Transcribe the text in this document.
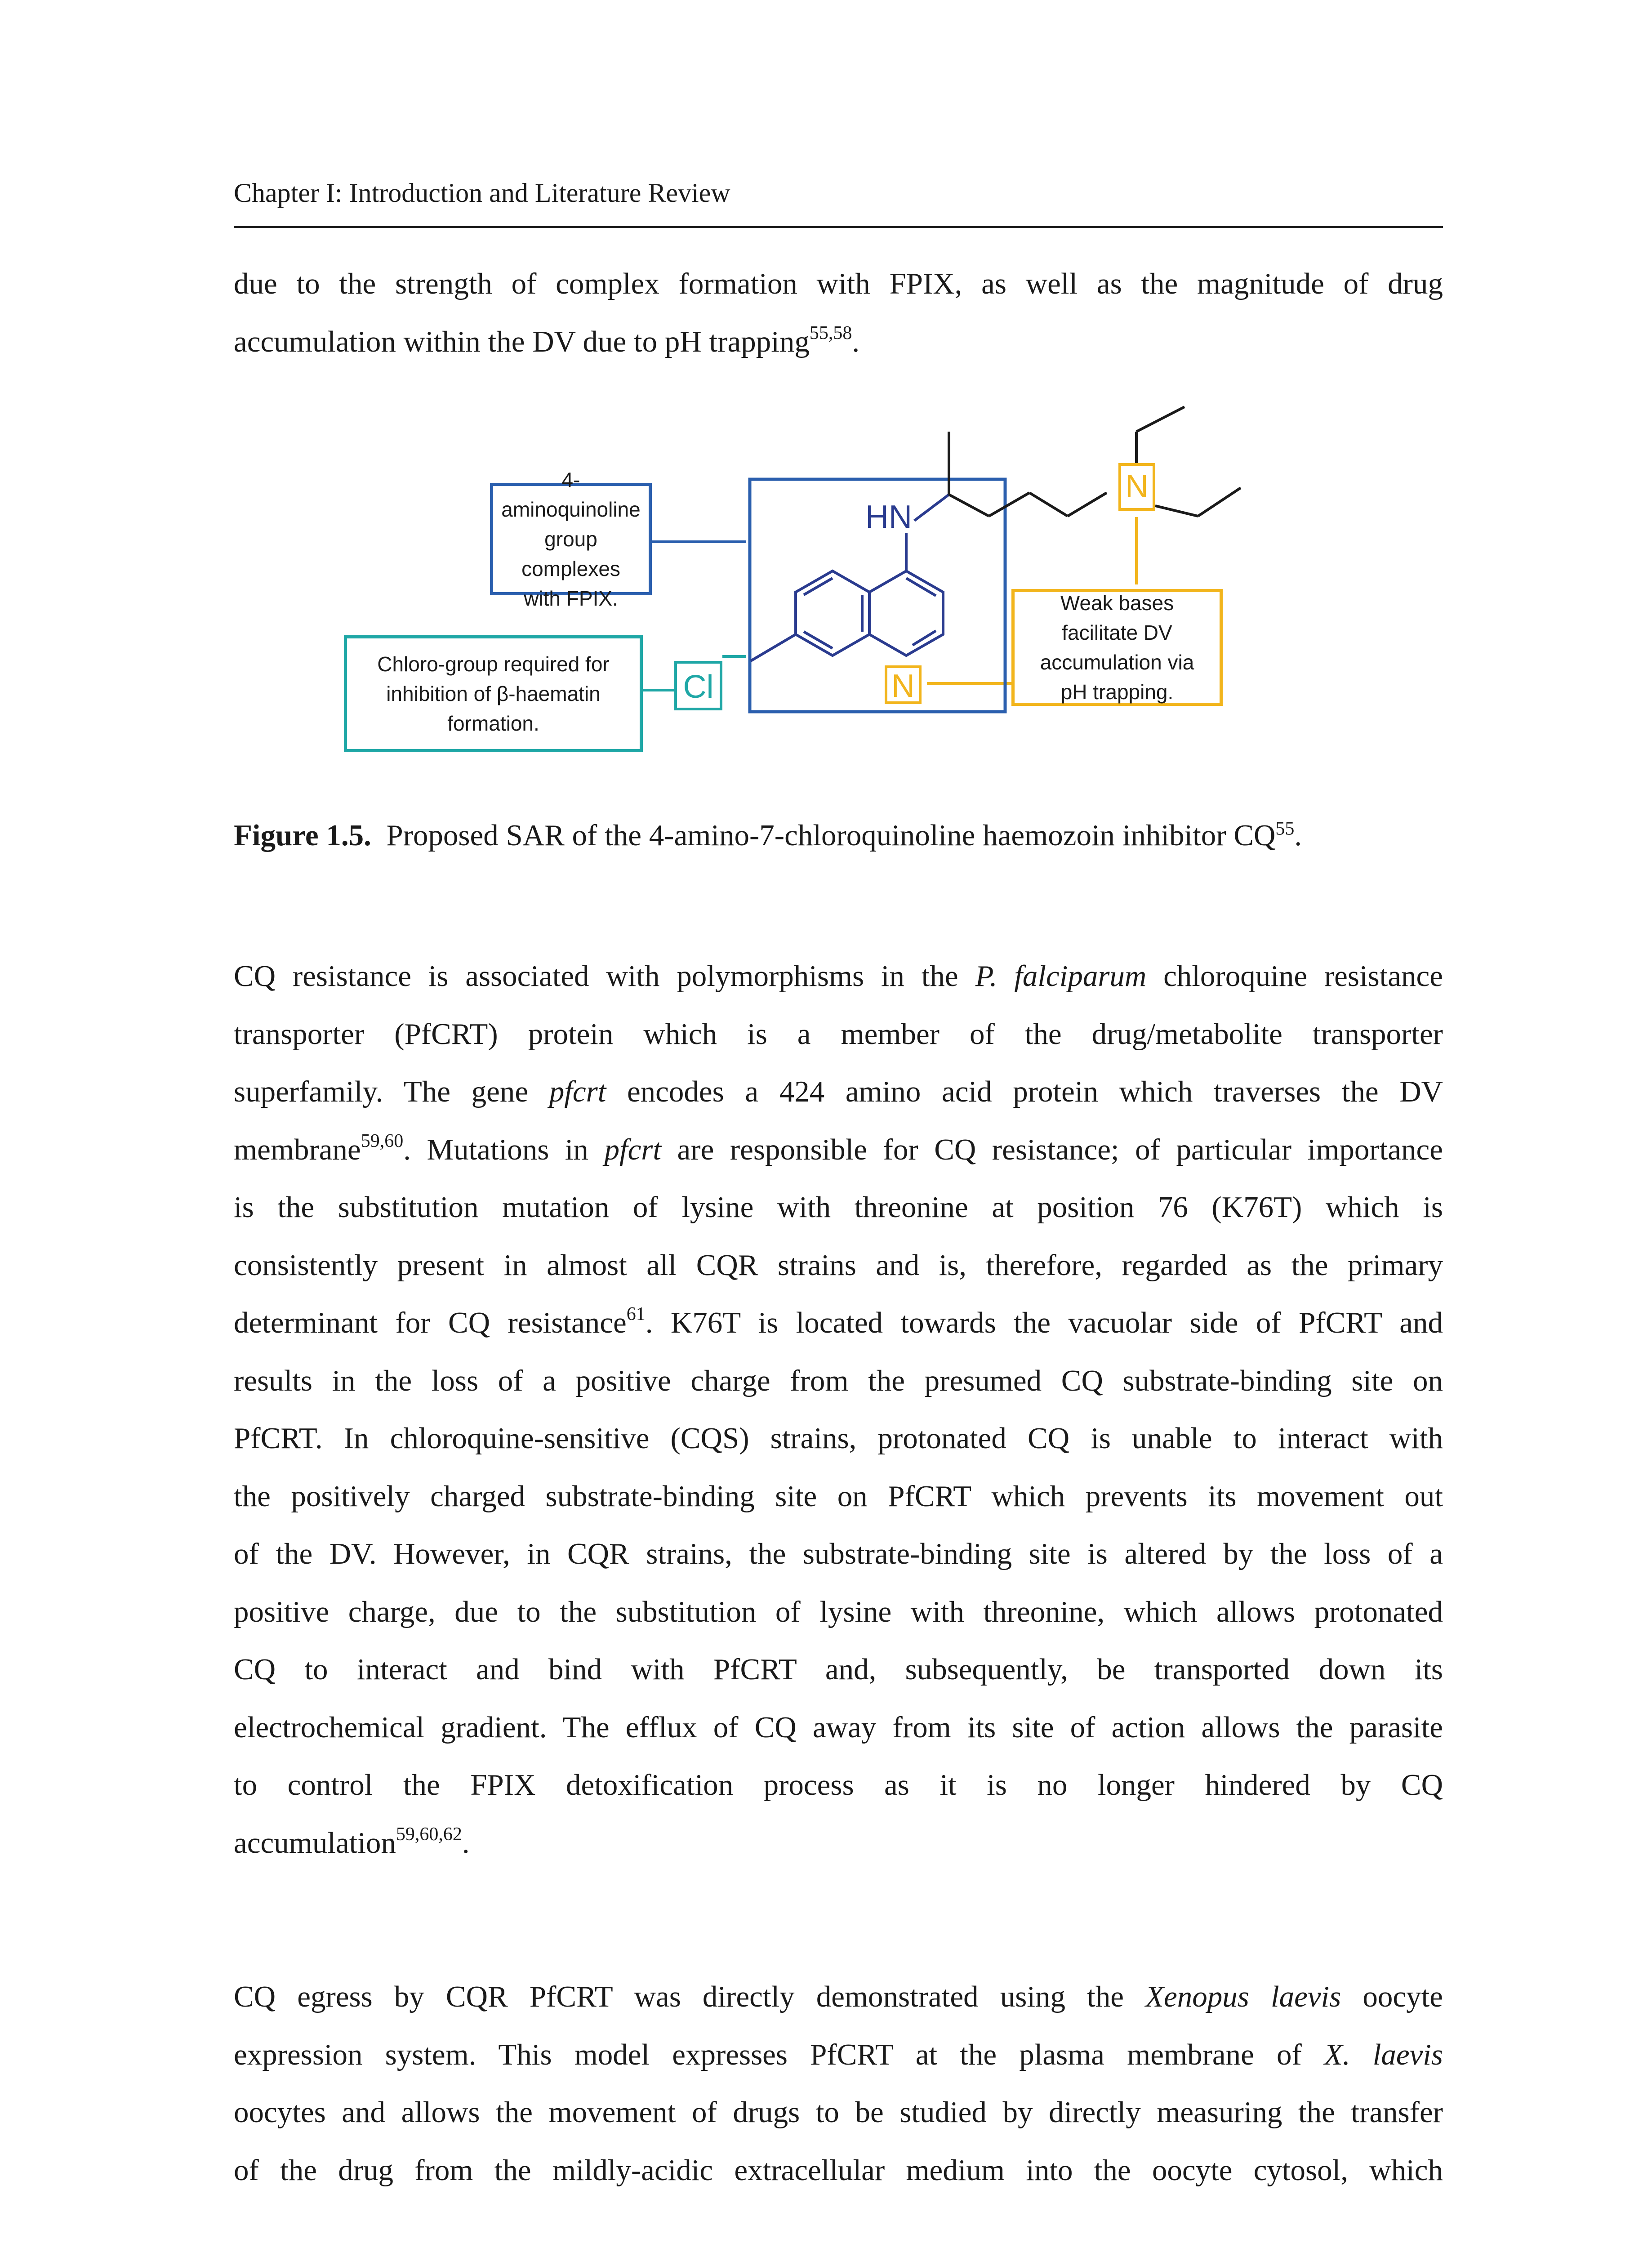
Chapter I: Introduction and Literature Review
due to the strength of complex formation with FPIX, as well as the magnitude of drug
accumulation within the DV due to pH trapping$^{55,58}$.
HN
N
Cl
N
4-aminoquinoline group complexes with FPIX.
Chloro-group required for inhibition of β-haematin formation.
Weak bases facilitate DV accumulation via pH trapping.
Figure 1.5. Proposed SAR of the 4-amino-7-chloroquinoline haemozoin inhibitor CQ$^{55}$.
CQ resistance is associated with polymorphisms in the P. falciparum chloroquine resistance
transporter (PfCRT) protein which is a member of the drug/metabolite transporter
superfamily. The gene pfcrt encodes a 424 amino acid protein which traverses the DV
membrane$^{59,60}$. Mutations in pfcrt are responsible for CQ resistance; of particular importance
is the substitution mutation of lysine with threonine at position 76 (K76T) which is
consistently present in almost all CQR strains and is, therefore, regarded as the primary
determinant for CQ resistance$^{61}$. K76T is located towards the vacuolar side of PfCRT and
results in the loss of a positive charge from the presumed CQ substrate-binding site on
PfCRT. In chloroquine-sensitive (CQS) strains, protonated CQ is unable to interact with
the positively charged substrate-binding site on PfCRT which prevents its movement out
of the DV. However, in CQR strains, the substrate-binding site is altered by the loss of a
positive charge, due to the substitution of lysine with threonine, which allows protonated
CQ to interact and bind with PfCRT and, subsequently, be transported down its
electrochemical gradient. The efflux of CQ away from its site of action allows the parasite
to control the FPIX detoxification process as it is no longer hindered by CQ
accumulation$^{59,60,62}$.
CQ egress by CQR PfCRT was directly demonstrated using the Xenopus laevis oocyte
expression system. This model expresses PfCRT at the plasma membrane of X. laevis
oocytes and allows the movement of drugs to be studied by directly measuring the transfer
of the drug from the mildly-acidic extracellular medium into the oocyte cytosol, which
